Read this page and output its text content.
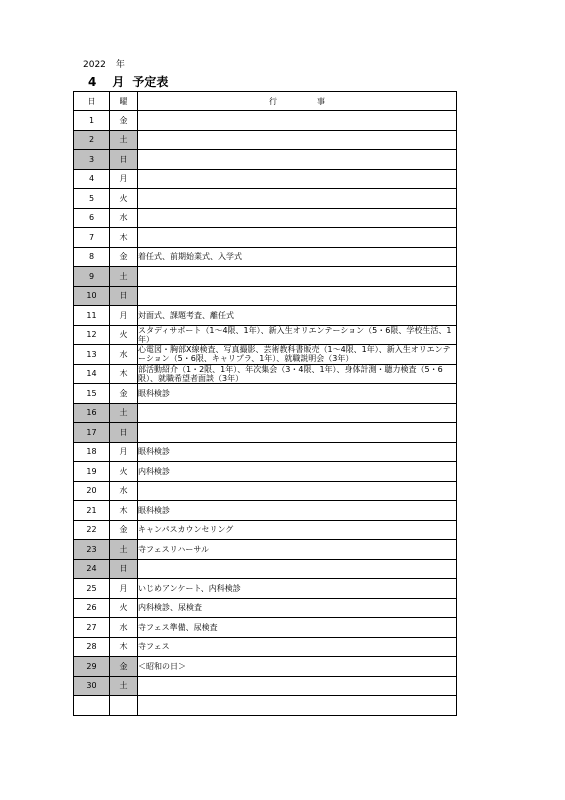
2022 年
4 月 予定表
日	曜	行 事
1	金	
2	土	
3	日	
4	月	
5	火	
6	水	
7	木	
8	金	着任式、前期始業式、入学式
9	土	
10	日	
11	月	対面式、課題考査、離任式
12	火	スタディサポート（1～4限、1年）、新入生オリエンテーション（5・6限、学校生活、1年）
13	水	心電図・胸部X線検査、写真撮影、芸術教科書販売（1～4限、1年）、新入生オリエンテーション（5・6限、キャリプラ、1年）、就職説明会（3年）
14	木	部活動紹介（1・2限、1年）、年次集会（3・4限、1年）、身体計測・聴力検査（5・6限）、就職希望者面談（3年）
15	金	眼科検診
16	土	
17	日	
18	月	眼科検診
19	火	内科検診
20	水	
21	木	眼科検診
22	金	キャンパスカウンセリング
23	土	寺フェスリハーサル
24	日	
25	月	いじめアンケート、内科検診
26	火	内科検診、尿検査
27	水	寺フェス準備、尿検査
28	木	寺フェス
29	金	＜昭和の日＞
30	土	
